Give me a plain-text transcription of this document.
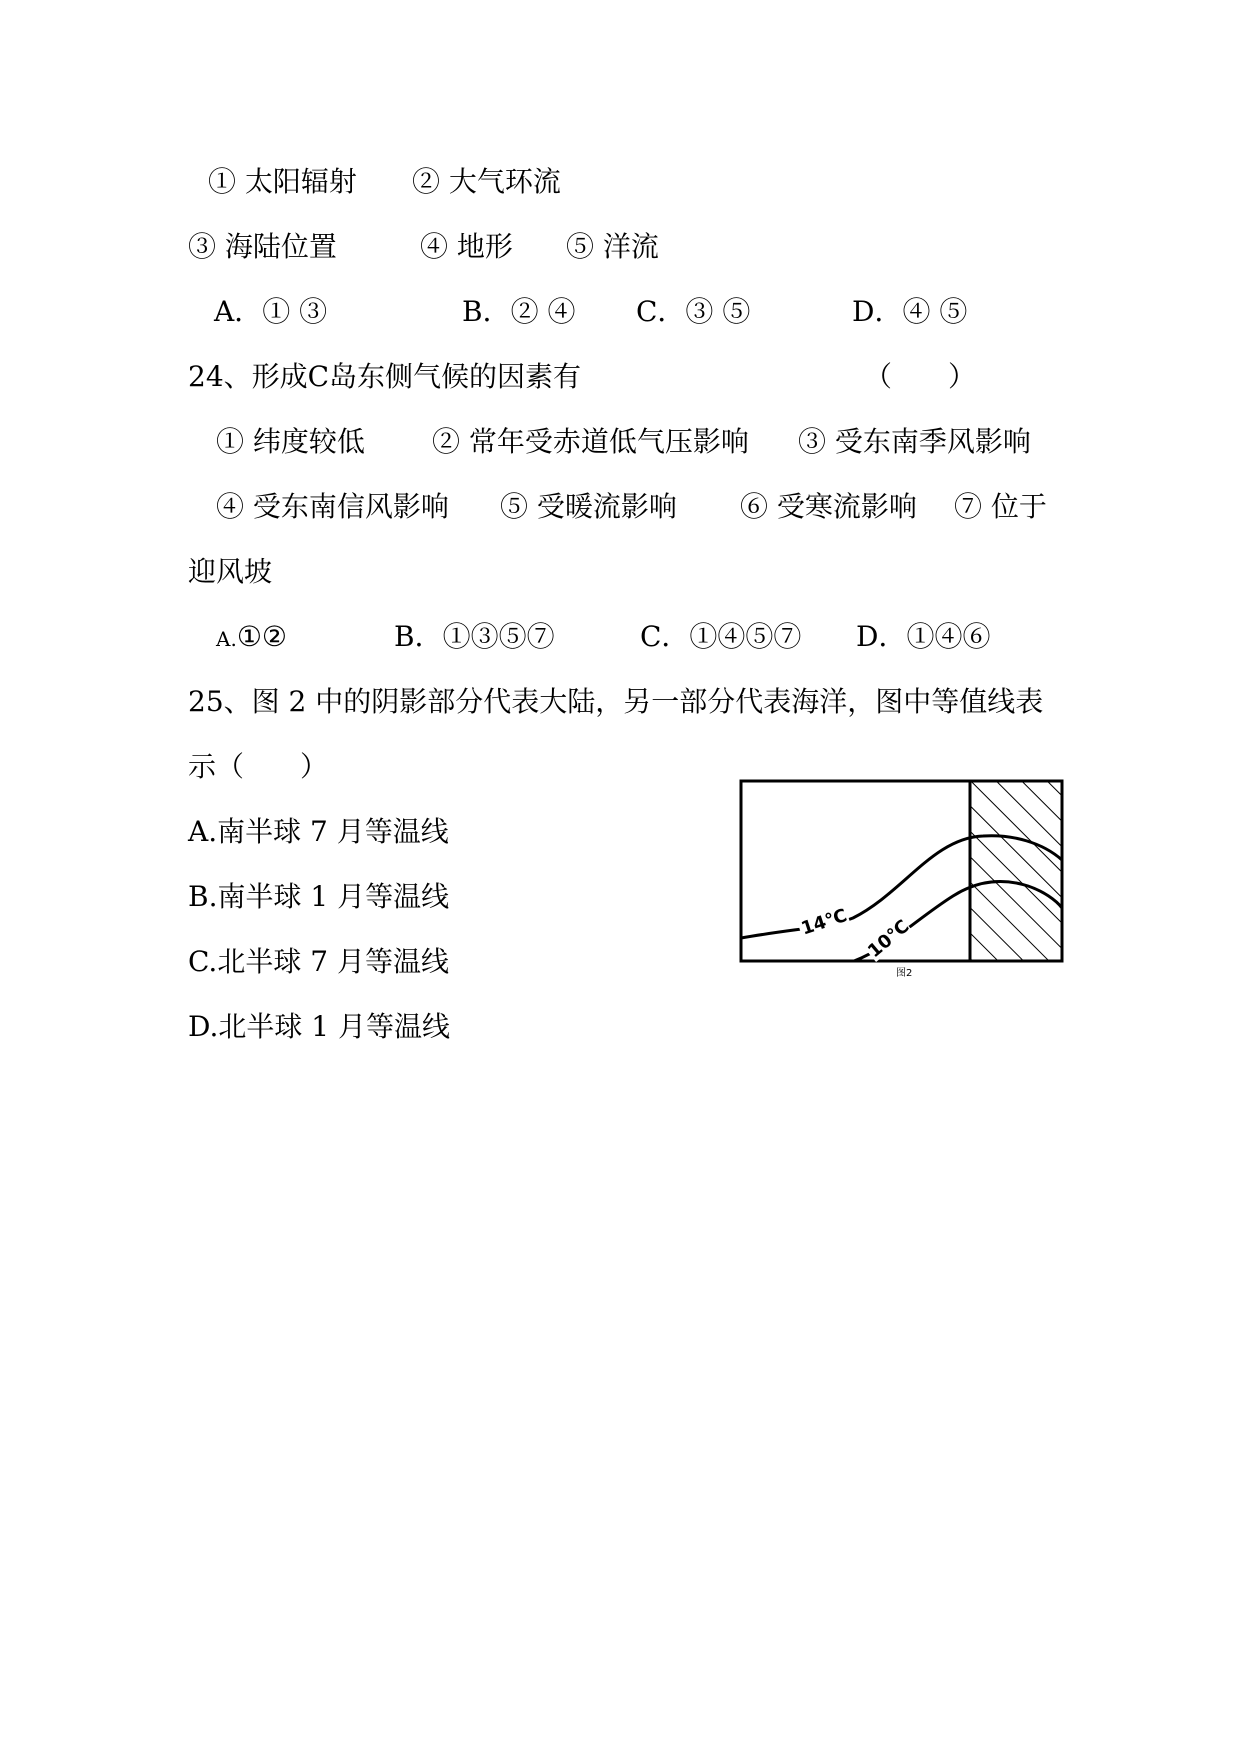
① 太阳辐射 ② 大气环流
③ 海陆位置	④ 地形 ⑤ 洋流
A．① ③	B．② ④ C．③ ⑤	D．④ ⑤
24、形成C岛东侧气候的因素有	（　　）
① 纬度较低 ② 常年受赤道低气压影响 ③ 受东南季风影响
④ 受东南信风影响 ⑤ 受暖流影响 ⑥ 受寒流影响 ⑦ 位于
迎风坡
A.①②	B．①③⑤⑦	C．①④⑤⑦ D．①④⑥
25、图 2 中的阴影部分代表大陆，另一部分代表海洋，图中等值线表
示（　　）
A.南半球 7 月等温线
B.南半球 1 月等温线
C.北半球 7 月等温线
D.北半球 1 月等温线
14℃ 10℃
图2
